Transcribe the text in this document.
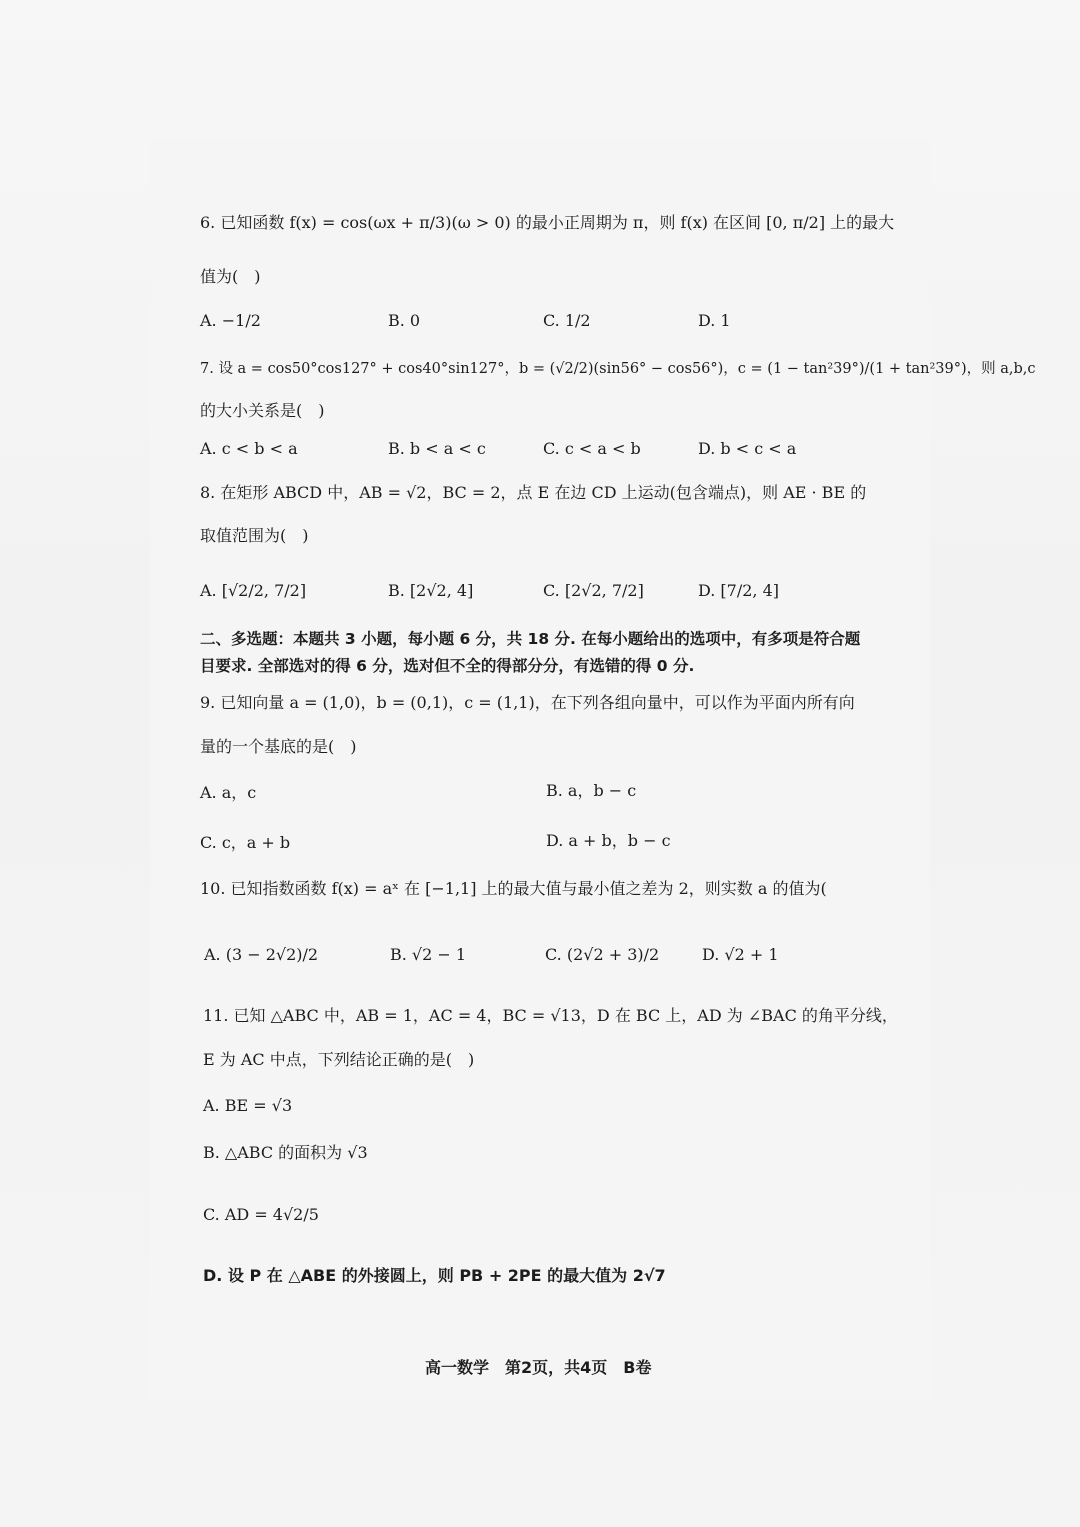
6. 已知函数 f(x) = cos(ωx + π/3)(ω > 0) 的最小正周期为 π，则 f(x) 在区间 [0, π/2] 上的最大
值为(　)
A. −1/2	B. 0	C. 1/2	D. 1
7. 设 a = cos50°cos127° + cos40°sin127°，b = (√2/2)(sin56° − cos56°)，c = (1 − tan²39°)/(1 + tan²39°)，则 a,b,c
的大小关系是(　)
A. c < b < a	B. b < a < c	C. c < a < b	D. b < c < a
8. 在矩形 ABCD 中，AB = √2，BC = 2，点 E 在边 CD 上运动(包含端点)，则 AE · BE 的
取值范围为(　)
A. [√2/2, 7/2]	B. [2√2, 4]	C. [2√2, 7/2]	D. [7/2, 4]
二、多选题：本题共 3 小题，每小题 6 分，共 18 分. 在每小题给出的选项中，有多项是符合题
目要求. 全部选对的得 6 分，选对但不全的得部分分，有选错的得 0 分.
9. 已知向量 a = (1,0)，b = (0,1)，c = (1,1)，在下列各组向量中，可以作为平面内所有向
量的一个基底的是(　)
A. a，c	B. a，b − c
C. c，a + b	D. a + b，b − c
10. 已知指数函数 f(x) = aˣ 在 [−1,1] 上的最大值与最小值之差为 2，则实数 a 的值为(
A. (3 − 2√2)/2	B. √2 − 1	C. (2√2 + 3)/2	D. √2 + 1
11. 已知 △ABC 中，AB = 1，AC = 4，BC = √13，D 在 BC 上，AD 为 ∠BAC 的角平分线，
E 为 AC 中点，下列结论正确的是(　)
A. BE = √3
B. △ABC 的面积为 √3
C. AD = 4√2/5
D. 设 P 在 △ABE 的外接圆上，则 PB + 2PE 的最大值为 2√7
高一数学　第2页，共4页　B卷
